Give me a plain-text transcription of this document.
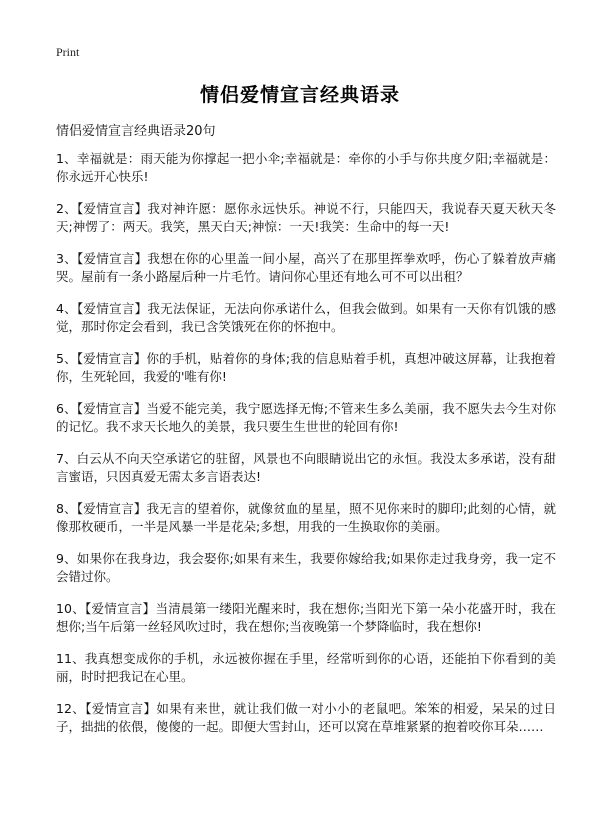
Print
情侣爱情宣言经典语录

情侣爱情宣言经典语录20句

1、幸福就是：雨天能为你撑起一把小伞;幸福就是：牵你的小手与你共度夕阳;幸福就是：你永远开心快乐!
2、【爱情宣言】我对神许愿：愿你永远快乐。神说不行，只能四天，我说春天夏天秋天冬天;神愣了：两天。我笑，黑天白天;神惊：一天!我笑：生命中的每一天!
3、【爱情宣言】我想在你的心里盖一间小屋，高兴了在那里挥拳欢呼，伤心了躲着放声痛哭。屋前有一条小路屋后种一片毛竹。请问你心里还有地么可不可以出租？
4、【爱情宣言】我无法保证，无法向你承诺什么，但我会做到。如果有一天你有饥饿的感觉，那时你定会看到，我已含笑饿死在你的怀抱中。
5、【爱情宣言】你的手机，贴着你的身体;我的信息贴着手机，真想冲破这屏幕，让我抱着你，生死轮回，我爱的'唯有你!
6、【爱情宣言】当爱不能完美，我宁愿选择无悔;不管来生多么美丽，我不愿失去今生对你的记忆。我不求天长地久的美景，我只要生生世世的轮回有你!
7、白云从不向天空承诺它的驻留，风景也不向眼睛说出它的永恒。我没太多承诺，没有甜言蜜语，只因真爱无需太多言语表达!
8、【爱情宣言】我无言的望着你，就像贫血的星星，照不见你来时的脚印;此刻的心情，就像那枚硬币，一半是风暴一半是花朵;多想，用我的一生换取你的美丽。
9、如果你在我身边，我会娶你;如果有来生，我要你嫁给我;如果你走过我身旁，我一定不会错过你。
10、【爱情宣言】当清晨第一缕阳光醒来时，我在想你;当阳光下第一朵小花盛开时，我在想你;当午后第一丝轻风吹过时，我在想你;当夜晚第一个梦降临时，我在想你!
11、我真想变成你的手机，永远被你握在手里，经常听到你的心语，还能拍下你看到的美丽，时时把我记在心里。
12、【爱情宣言】如果有来世，就让我们做一对小小的老鼠吧。笨笨的相爱，呆呆的过日子，拙拙的依偎，傻傻的一起。即便大雪封山，还可以窝在草堆紧紧的抱着咬你耳朵……
